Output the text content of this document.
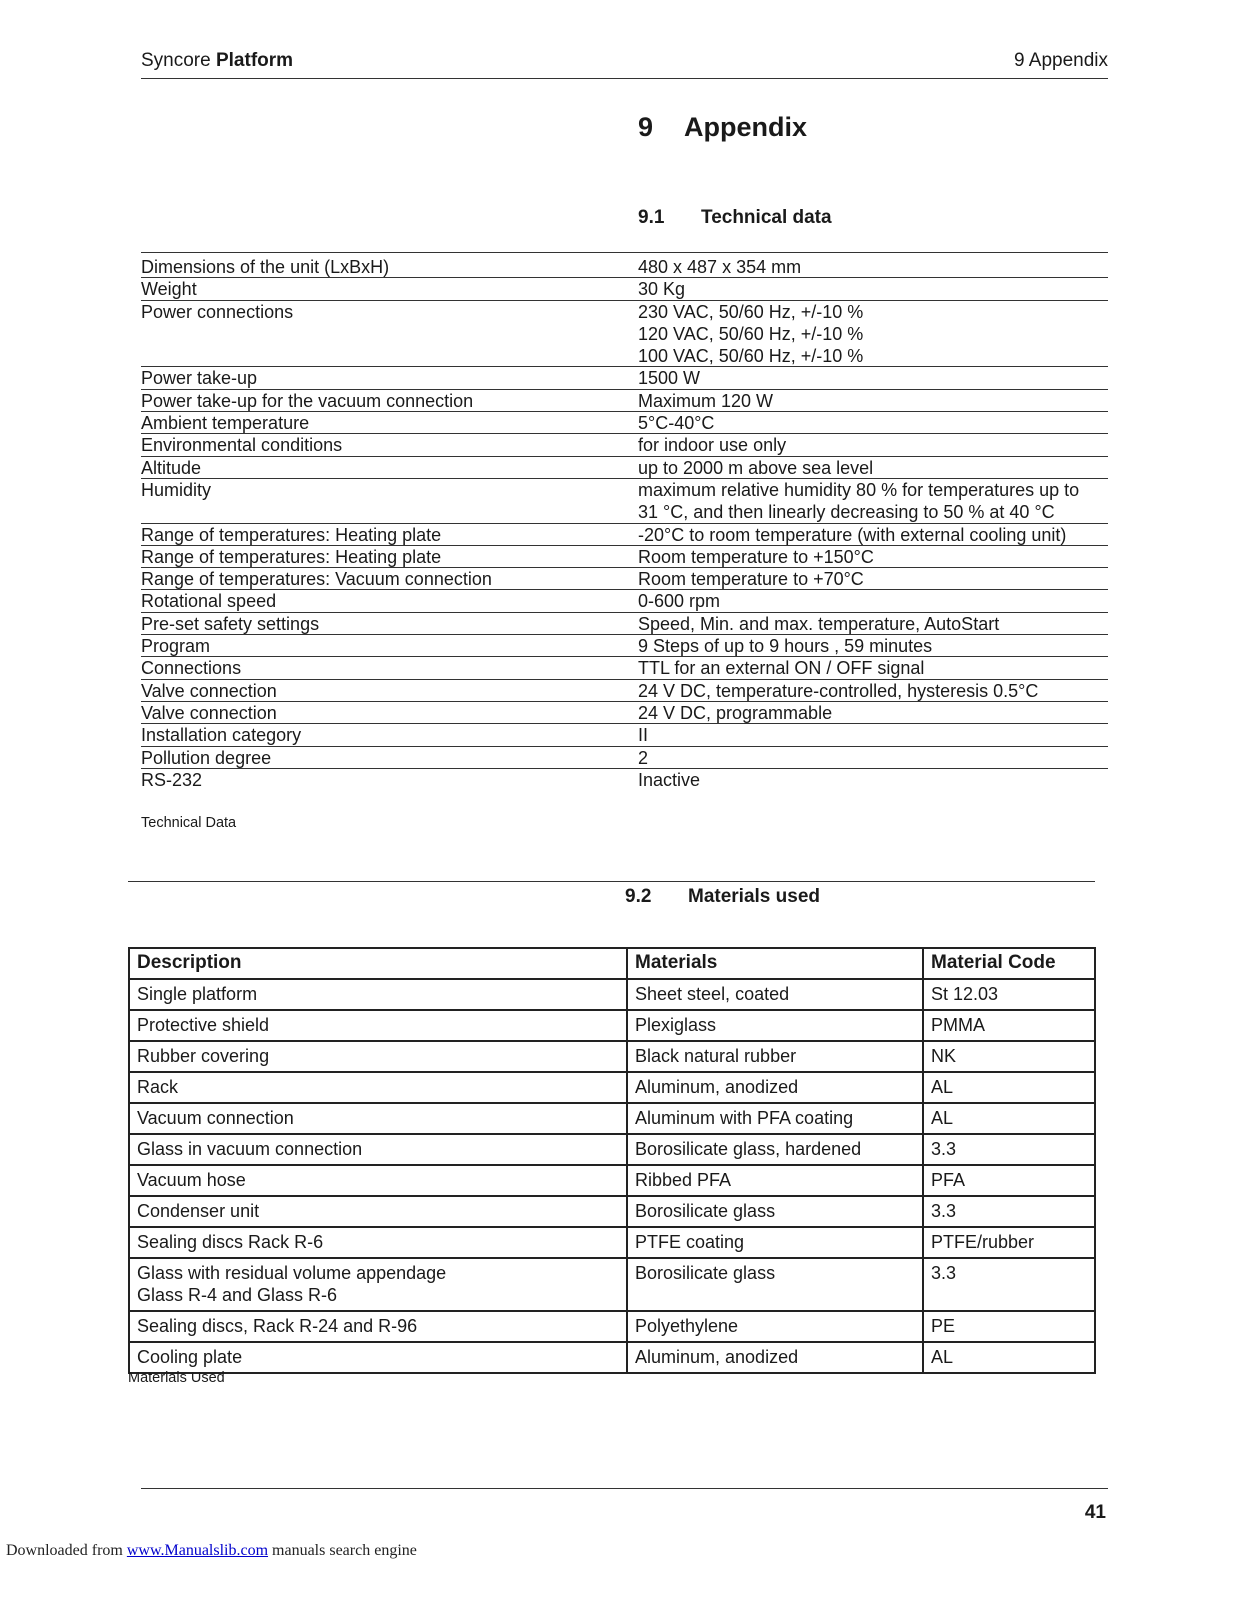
Syncore Platform	9 Appendix
9 Appendix
9.1 Technical data
Dimensions of the unit (LxBxH)	480 x 487 x 354 mm
Weight	30 Kg
Power connections	230 VAC, 50/60 Hz, +/-10 %
120 VAC, 50/60 Hz, +/-10 %
100 VAC, 50/60 Hz, +/-10 %
Power take-up	1500 W
Power take-up for the vacuum connection	Maximum 120 W
Ambient temperature	5°C-40°C
Environmental conditions	for indoor use only
Altitude	up to 2000 m above sea level
Humidity	maximum relative humidity 80 % for temperatures up to
31 °C, and then linearly decreasing to 50 % at 40 °C
Range of temperatures: Heating plate	-20°C to room temperature (with external cooling unit)
Range of temperatures: Heating plate	Room temperature to +150°C
Range of temperatures: Vacuum connection	Room temperature to +70°C
Rotational speed	0-600 rpm
Pre-set safety settings	Speed, Min. and max. temperature, AutoStart
Program	9 Steps of up to 9 hours , 59 minutes
Connections	TTL for an external ON / OFF signal
Valve connection	24 V DC, temperature-controlled, hysteresis 0.5°C
Valve connection	24 V DC, programmable
Installation category	II
Pollution degree	2
RS-232	Inactive
Technical Data
9.2 Materials used
Description	Materials	Material Code
Single platform	Sheet steel, coated	St 12.03
Protective shield	Plexiglass	PMMA
Rubber covering	Black natural rubber	NK
Rack	Aluminum, anodized	AL
Vacuum connection	Aluminum with PFA coating	AL
Glass in vacuum connection	Borosilicate glass, hardened	3.3
Vacuum hose	Ribbed PFA	PFA
Condenser unit	Borosilicate glass	3.3
Sealing discs Rack R-6	PTFE coating	PTFE/rubber
Glass with residual volume appendage
Glass R-4 and Glass R-6	Borosilicate glass	3.3
Sealing discs, Rack R-24 and R-96	Polyethylene	PE
Cooling plate	Aluminum, anodized	AL
Materials Used
41
Downloaded from www.Manualslib.com manuals search engine
